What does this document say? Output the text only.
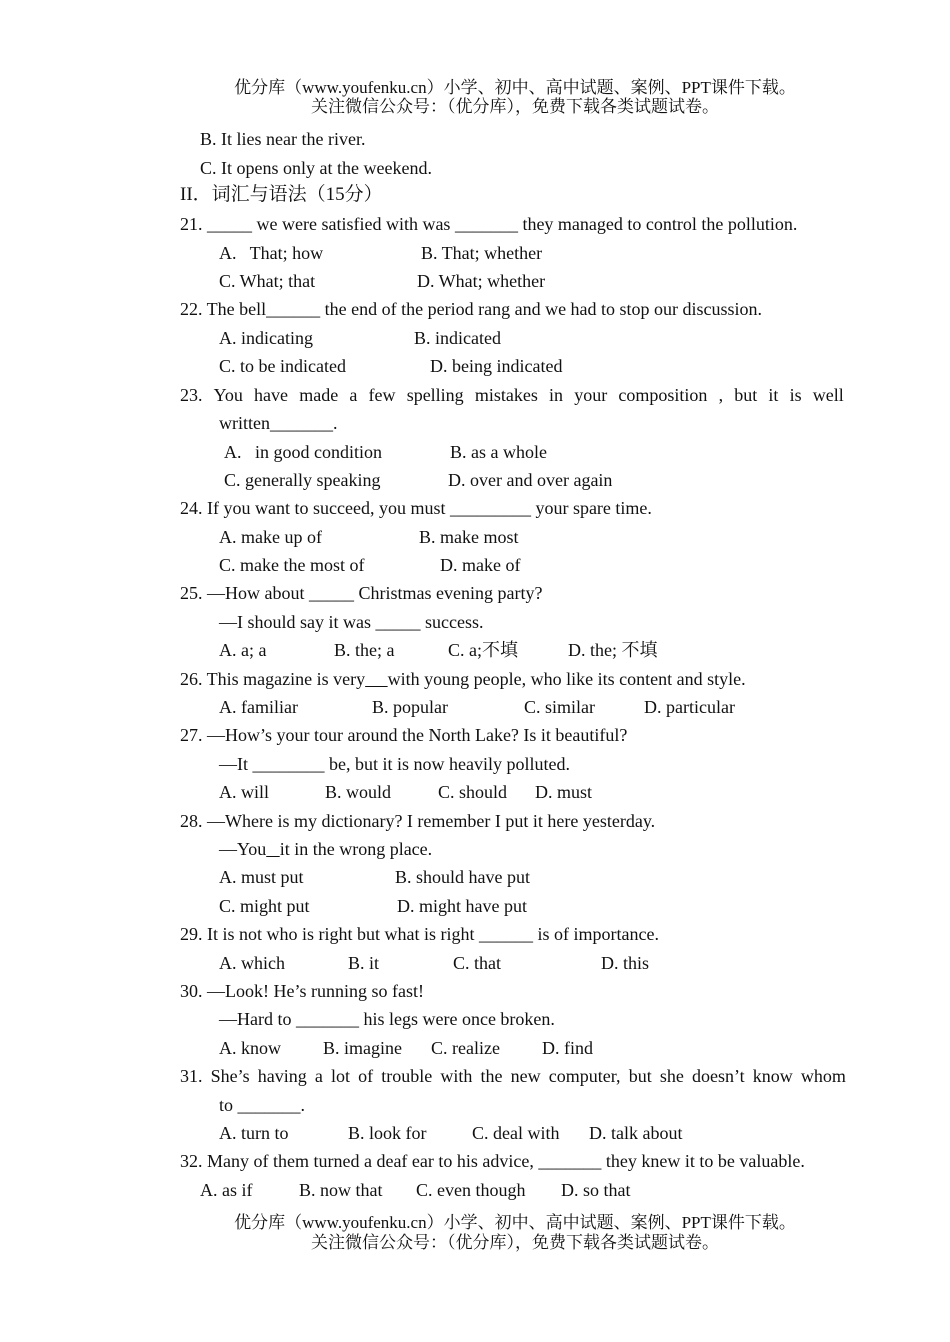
优分库（www.youfenku.cn）小学、初中、高中试题、案例、PPT课件下载。
关注微信公众号：（优分库），免费下载各类试题试卷。
B. It lies near the river.
C. It opens only at the weekend.
II．词汇与语法（15分）
21. _____ we were satisfied with was _______ they managed to control the pollution.
A.   That; how	B. That; whether
C. What; that	D. What; whether
22. The bell______ the end of the period rang and we had to stop our discussion.
A. indicating	B. indicated
C. to be indicated	D. being indicated
23. You have made a few spelling mistakes in your composition , but it is well
written_______.
A.   in good condition	B. as a whole
C. generally speaking	D. over and over again
24. If you want to succeed, you must _________ your spare time.
A. make up of	B. make most
C. make the most of	D. make of
25. —How about _____ Christmas evening party?
—I should say it was _____ success.
A. a; a	B. the; a	C. a;不填	D. the; 不填
26. This magazine is very with young people, who like its content and style.
A. familiar	B. popular	C. similar	D. particular
27. —How’s your tour around the North Lake? Is it beautiful?
—It ________ be, but it is now heavily polluted.
A. will	B. would	C. should D. must
28. —Where is my dictionary? I remember I put it here yesterday.
—You it in the wrong place.
A. must put	B. should have put
C. might put	D. might have put
29. It is not who is right but what is right ______ is of importance.
A. which	B. it	C. that	D. this
30. —Look! He’s running so fast!
—Hard to _______ his legs were once broken.
A. know B. imagine C. realize D. find
31. She’s having a lot of trouble with the new computer, but she doesn’t know whom
to _______.
A. turn to	B. look for	C. deal with D. talk about
32. Many of them turned a deaf ear to his advice, _______ they knew it to be valuable.
A. as if	B. now that C. even though D. so that
优分库（www.youfenku.cn）小学、初中、高中试题、案例、PPT课件下载。
关注微信公众号：（优分库），免费下载各类试题试卷。
